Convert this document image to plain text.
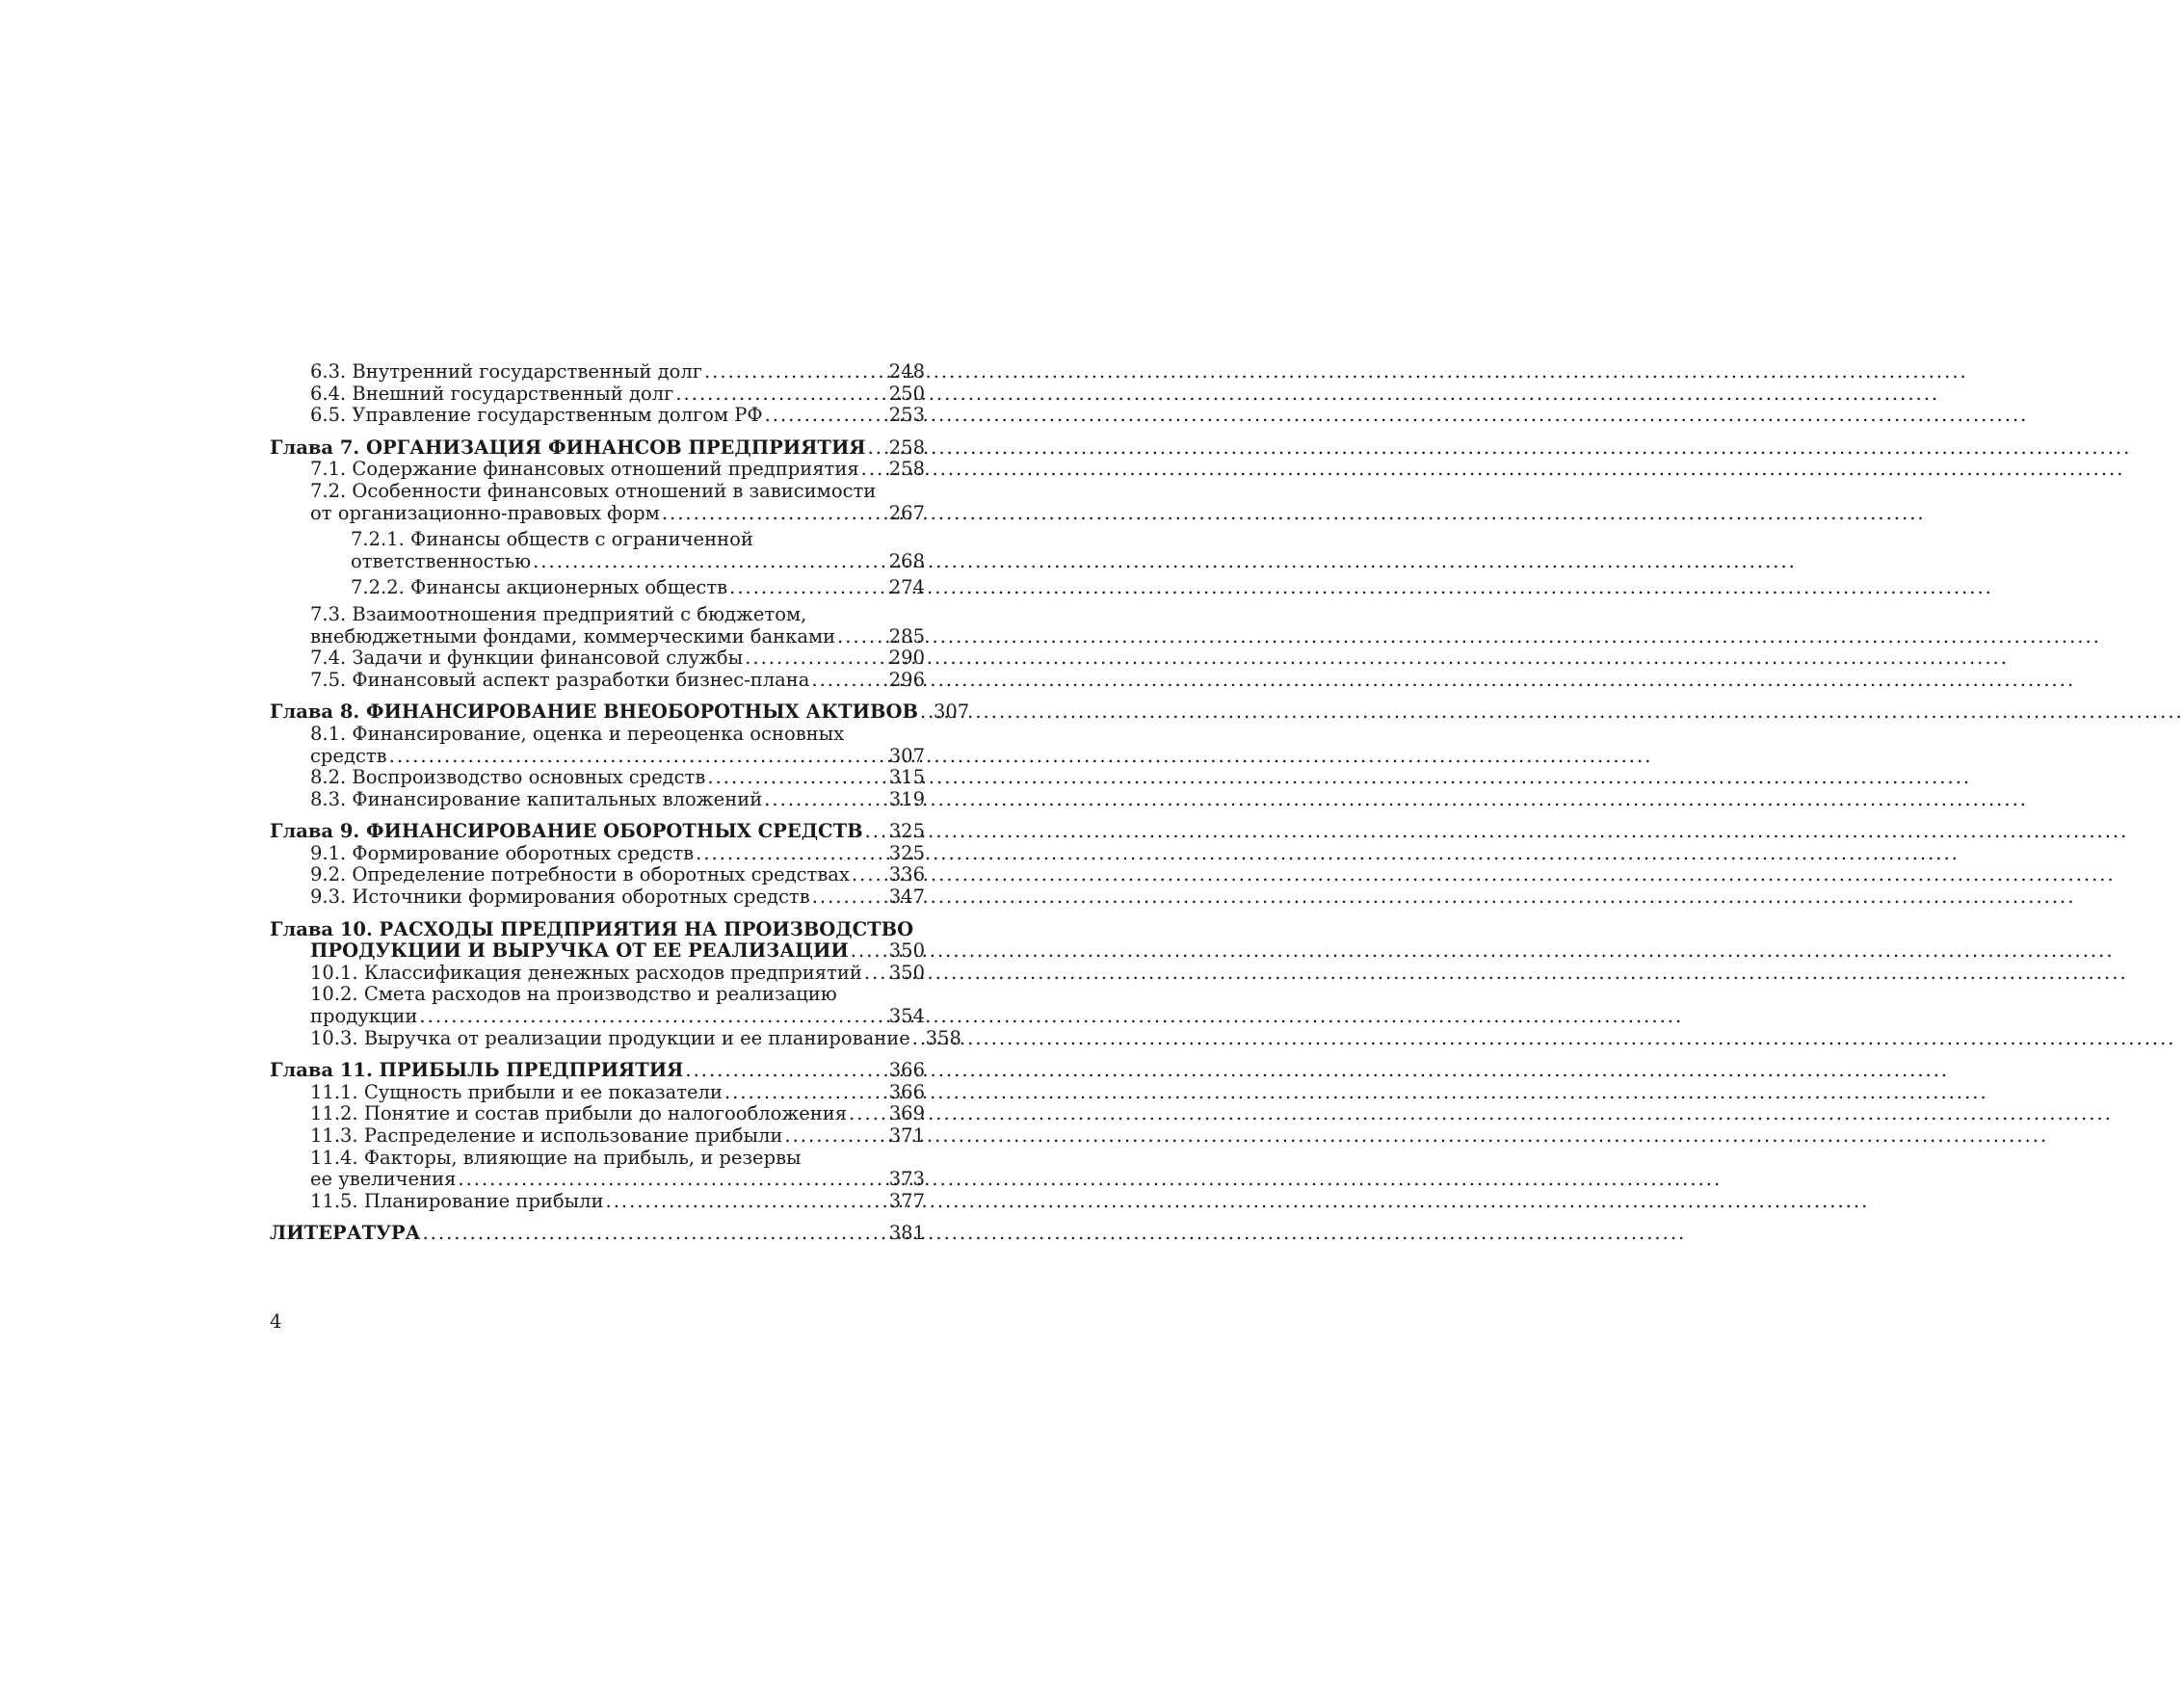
6.3. Внутренний государственный долг .....	248
6.4. Внешний государственный долг .....	250
6.5. Управление государственным долгом РФ .....	253
Глава 7. ОРГАНИЗАЦИЯ ФИНАНСОВ ПРЕДПРИЯТИЯ ..... 258
7.1. Содержание финансовых отношений предприятия ..... 258
7.2. Особенности финансовых отношений в зависимости
от организационно-правовых форм .....	267
7.2.1. Финансы обществ с ограниченной
ответственностью .....	268
7.2.2. Финансы акционерных обществ .....	274
7.3. Взаимоотношения предприятий с бюджетом,
внебюджетными фондами, коммерческими банками .....	285
7.4. Задачи и функции финансовой службы .....	290
7.5. Финансовый аспект разработки бизнес-плана .....	296
Глава 8. ФИНАНСИРОВАНИЕ ВНЕОБОРОТНЫХ АКТИВОВ ..... 307
8.1. Финансирование, оценка и переоценка основных
средств .....	307
8.2. Воспроизводство основных средств .....	315
8.3. Финансирование капитальных вложений .....	319
Глава 9. ФИНАНСИРОВАНИЕ ОБОРОТНЫХ СРЕДСТВ ..... 325
9.1. Формирование оборотных средств .....	325
9.2. Определение потребности в оборотных средствах ..... 336
9.3. Источники формирования оборотных средств .....	347
Глава 10. РАСХОДЫ ПРЕДПРИЯТИЯ НА ПРОИЗВОДСТВО
ПРОДУКЦИИ И ВЫРУЧКА ОТ ЕЕ РЕАЛИЗАЦИИ ..... 350
10.1. Классификация денежных расходов предприятий ..... 350
10.2. Смета расходов на производство и реализацию
продукции .....	354
10.3. Выручка от реализации продукции и ее планирование ..... 358
Глава 11. ПРИБЫЛЬ ПРЕДПРИЯТИЯ .....	366
11.1. Сущность прибыли и ее показатели .....	366
11.2. Понятие и состав прибыли до налогообложения ..... 369
11.3. Распределение и использование прибыли .....	371
11.4. Факторы, влияющие на прибыль, и резервы
ее увеличения .....	373
11.5. Планирование прибыли .....	377
ЛИТЕРАТУРА .....	381
4
